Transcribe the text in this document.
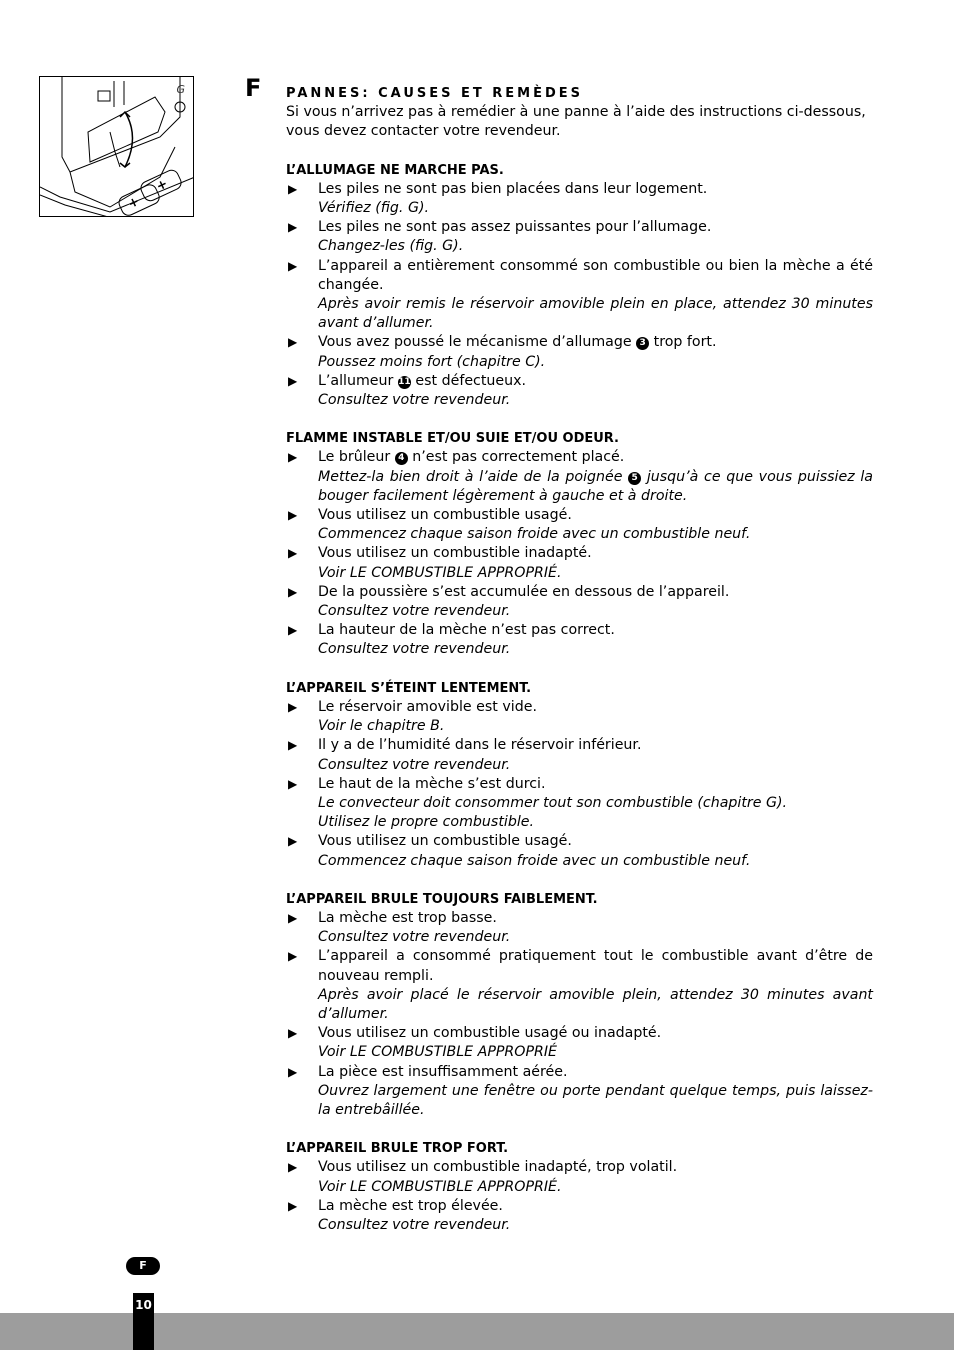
G	F PANNES: CAUSES ET REMÈDES

Si vous n’arrivez pas à remédier à une panne à l’aide des instructions ci-dessous, vous devez contacter votre revendeur.

L’ALLUMAGE NE MARCHE PAS.

▶ Les piles ne sont pas bien placées dans leur logement.
Vérifiez (fig. G).
▶ Les piles ne sont pas assez puissantes pour l’allumage.
Changez-les (fig. G).
▶ L’appareil a entièrement consommé son combustible ou bien la mèche a été changée.
Après avoir remis le réservoir amovible plein en place, attendez 30 minutes avant d’allumer.
▶ Vous avez poussé le mécanisme d’allumage 3 trop fort.
Poussez moins fort (chapitre C).
▶ L’allumeur 11 est défectueux.
Consultez votre revendeur.

FLAMME INSTABLE ET/OU SUIE ET/OU ODEUR.

▶ Le brûleur 4 n’est pas correctement placé.
Mettez-la bien droit à l’aide de la poignée 5 jusqu’à ce que vous puissiez la bouger facilement légèrement à gauche et à droite.
▶ Vous utilisez un combustible usagé.
Commencez chaque saison froide avec un combustible neuf.
▶ Vous utilisez un combustible inadapté.
Voir LE COMBUSTIBLE APPROPRIÉ.
▶ De la poussière s’est accumulée en dessous de l’appareil.
Consultez votre revendeur.
▶ La hauteur de la mèche n’est pas correct.
Consultez votre revendeur.

L’APPAREIL S’ÉTEINT LENTEMENT.

▶ Le réservoir amovible est vide.
Voir le chapitre B.
▶ Il y a de l’humidité dans le réservoir inférieur.
Consultez votre revendeur.
▶ Le haut de la mèche s’est durci.
Le convecteur doit consommer tout son combustible (chapitre G).
Utilisez le propre combustible.
▶ Vous utilisez un combustible usagé.
Commencez chaque saison froide avec un combustible neuf.

L’APPAREIL BRULE TOUJOURS FAIBLEMENT.

▶ La mèche est trop basse.
Consultez votre revendeur.
▶ L’appareil a consommé pratiquement tout le combustible avant d’être de nouveau rempli.
Après avoir placé le réservoir amovible plein, attendez 30 minutes avant d’allumer.
▶ Vous utilisez un combustible usagé ou inadapté.
Voir LE COMBUSTIBLE APPROPRIÉ
▶ La pièce est insuffisamment aérée.
Ouvrez largement une fenêtre ou porte pendant quelque temps, puis laissez-la entrebâillée.

L’APPAREIL BRULE TROP FORT.

▶ Vous utilisez un combustible inadapté, trop volatil.
Voir LE COMBUSTIBLE APPROPRIÉ.
▶ La mèche est trop élevée.
Consultez votre revendeur.
F
10
